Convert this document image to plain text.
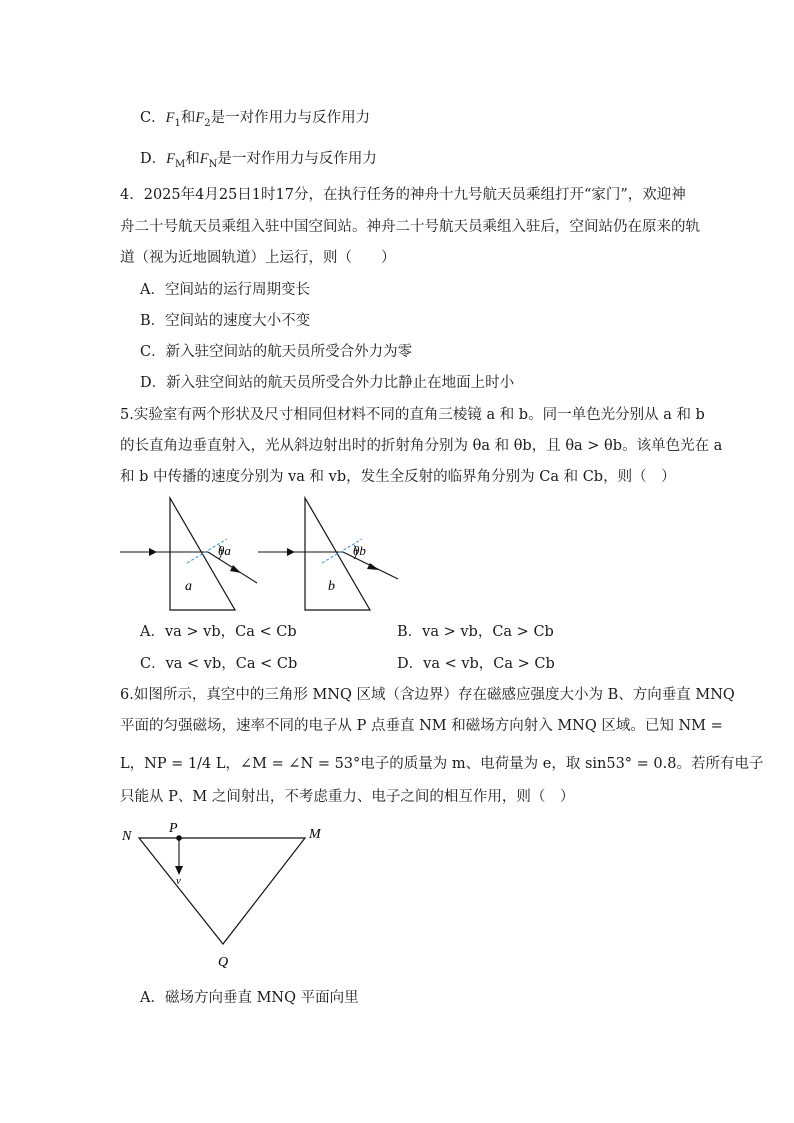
C．$F_1$和$F_2$是一对作用力与反作用力
D．$F_M$和$F_N$是一对作用力与反作用力
4．2025年4月25日1时17分，在执行任务的神舟十九号航天员乘组打开“家门”，欢迎神
舟二十号航天员乘组入驻中国空间站。神舟二十号航天员乘组入驻后，空间站仍在原来的轨
道（视为近地圆轨道）上运行，则（　　）
A．空间站的运行周期变长
B．空间站的速度大小不变
C．新入驻空间站的航天员所受合外力为零
D．新入驻空间站的航天员所受合外力比静止在地面上时小
5.实验室有两个形状及尺寸相同但材料不同的直角三棱镜 a 和 b。同一单色光分别从 a 和 b
的长直角边垂直射入，光从斜边射出时的折射角分别为 θa 和 θb，且 θa > θb。该单色光在 a
和 b 中传播的速度分别为 va 和 vb，发生全反射的临界角分别为 Ca 和 Cb，则（　）
θa
a
θb
b
A．va > vb，Ca < Cb	B．va > vb，Ca > Cb
C．va < vb，Ca < Cb	D．va < vb，Ca > Cb
6.如图所示，真空中的三角形 MNQ 区域（含边界）存在磁感应强度大小为 B、方向垂直 MNQ
平面的匀强磁场，速率不同的电子从 P 点垂直 NM 和磁场方向射入 MNQ 区域。已知 NM =
L，NP = 1/4 L，∠M = ∠N = 53°电子的质量为 m、电荷量为 e，取 sin53° = 0.8。若所有电子
只能从 P、M 之间射出，不考虑重力、电子之间的相互作用，则（　）
N
P	M
v
Q
A．磁场方向垂直 MNQ 平面向里
